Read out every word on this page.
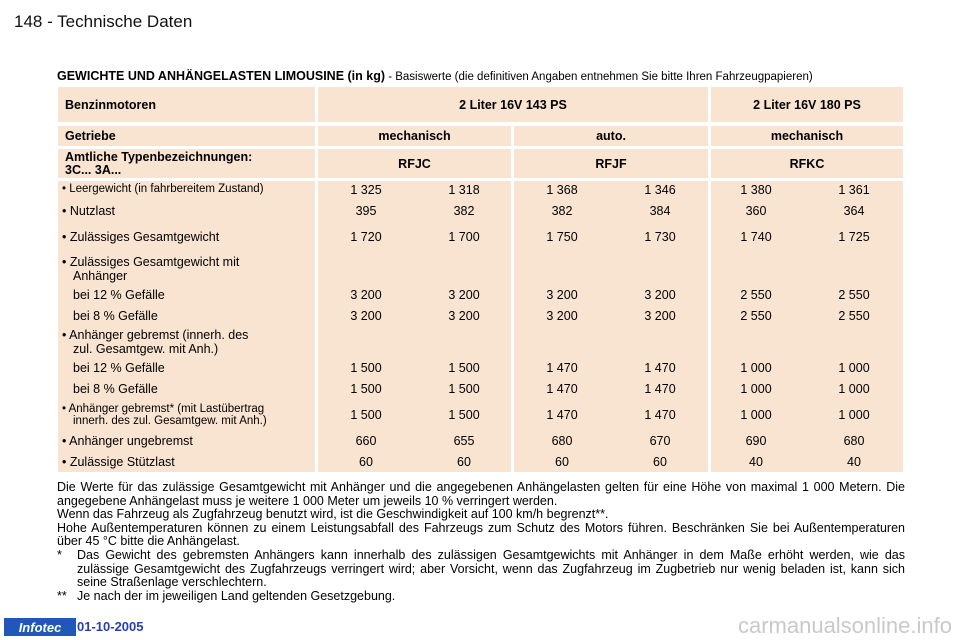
148 - Technische Daten
GEWICHTE UND ANHÄNGELASTEN LIMOUSINE (in kg) - Basiswerte (die definitiven Angaben entnehmen Sie bitte Ihren Fahrzeugpapieren)
Benzinmotoren	2 Liter 16V 143 PS	2 Liter 16V 180 PS
Getriebe	mechanisch	auto.	mechanisch
Amtliche Typenbezeichnungen:
3C... 3A...	RFJC	RFJF	RFKC
• Leergewicht (in fahrbereitem Zustand)	1 325	1 318	1 368	1 346	1 380	1 361
• Nutzlast	395	382	382	384	360	364
• Zulässiges Gesamtgewicht	1 720	1 700	1 750	1 730	1 740	1 725
• Zulässiges Gesamtgewicht mit
Anhänger
bei 12 % Gefälle	3 200	3 200	3 200	3 200	2 550	2 550
bei 8 % Gefälle	3 200	3 200	3 200	3 200	2 550	2 550
• Anhänger gebremst (innerh. des
zul. Gesamtgew. mit Anh.)
bei 12 % Gefälle	1 500	1 500	1 470	1 470	1 000	1 000
bei 8 % Gefälle	1 500	1 500	1 470	1 470	1 000	1 000
• Anhänger gebremst* (mit Lastübertrag
innerh. des zul. Gesamtgew. mit Anh.)	1 500	1 500	1 470	1 470	1 000	1 000
• Anhänger ungebremst	660	655	680	670	690	680
• Zulässige Stützlast	60	60	60	60	40	40

Die Werte für das zulässige Gesamtgewicht mit Anhänger und die angegebenen Anhängelasten gelten für eine Höhe von maximal 1 000 Metern. Die angegebene Anhängelast muss je weitere 1 000 Meter um jeweils 10 % verringert werden.

Wenn das Fahrzeug als Zugfahrzeug benutzt wird, ist die Geschwindigkeit auf 100 km/h begrenzt**.

Hohe Außentemperaturen können zu einem Leistungsabfall des Fahrzeugs zum Schutz des Motors führen. Beschränken Sie bei Außentemperaturen über 45 °C bitte die Anhängelast.

*	Das Gewicht des gebremsten Anhängers kann innerhalb des zulässigen Gesamtgewichts mit Anhänger in dem Maße erhöht werden, wie das zulässige Gesamtgewicht des Zugfahrzeugs verringert wird; aber Vorsicht, wenn das Zugfahrzeug im Zugbetrieb nur wenig beladen ist, kann sich seine Straßenlage verschlechtern.
** Je nach der im jeweiligen Land geltenden Gesetzgebung.
Infotec	01-10-2005	carmanualsonline.info
